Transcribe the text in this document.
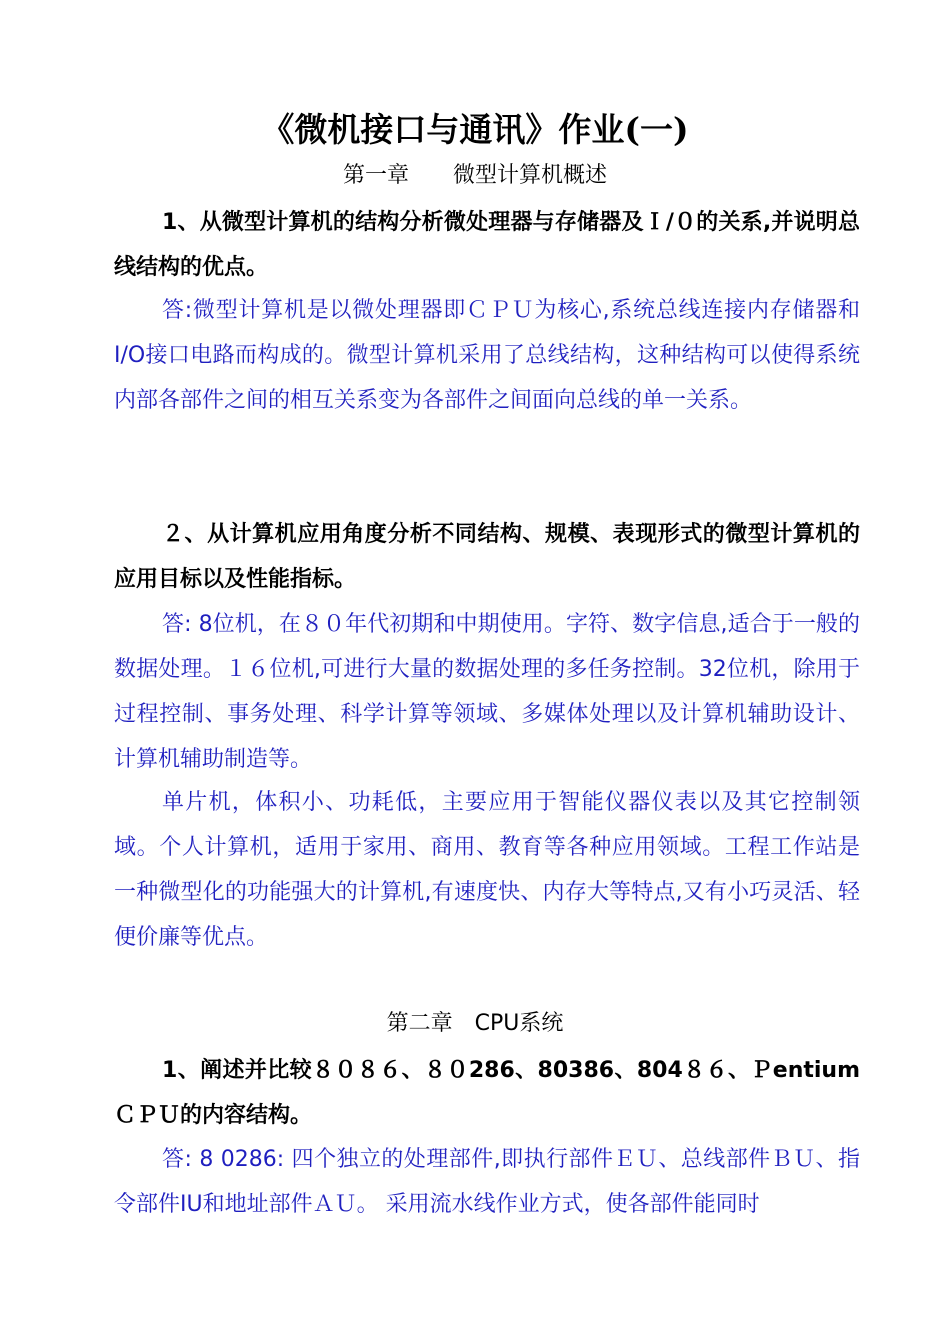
《微机接口与通讯》作业(一)
第一章　　微型计算机概述
1、从微型计算机的结构分析微处理器与存储器及Ｉ/０的关系,并说明总线结构的优点。
答:微型计算机是以微处理器即ＣＰＵ为核心,系统总线连接内存储器和I/O接口电路而构成的。微型计算机采用了总线结构，这种结构可以使得系统内部各部件之间的相互关系变为各部件之间面向总线的单一关系。
２、从计算机应用角度分析不同结构、规模、表现形式的微型计算机的应用目标以及性能指标。
答: 8位机，在８０年代初期和中期使用。字符、数字信息,适合于一般的数据处理。１６位机,可进行大量的数据处理的多任务控制。32位机，除用于过程控制、事务处理、科学计算等领域、多媒体处理以及计算机辅助设计、计算机辅助制造等。
单片机，体积小、功耗低，主要应用于智能仪器仪表以及其它控制领域。个人计算机，适用于家用、商用、教育等各种应用领域。工程工作站是一种微型化的功能强大的计算机,有速度快、内存大等特点,又有小巧灵活、轻便价廉等优点。
第二章　CPU系统
1、阐述并比较８０８６、８０286、80386、804８６、Ｐentium ＣＰＵ的内容结构。
答: 8 0286: 四个独立的处理部件,即执行部件ＥＵ、总线部件ＢＵ、指令部件IU和地址部件ＡＵ。 采用流水线作业方式，使各部件能同时
